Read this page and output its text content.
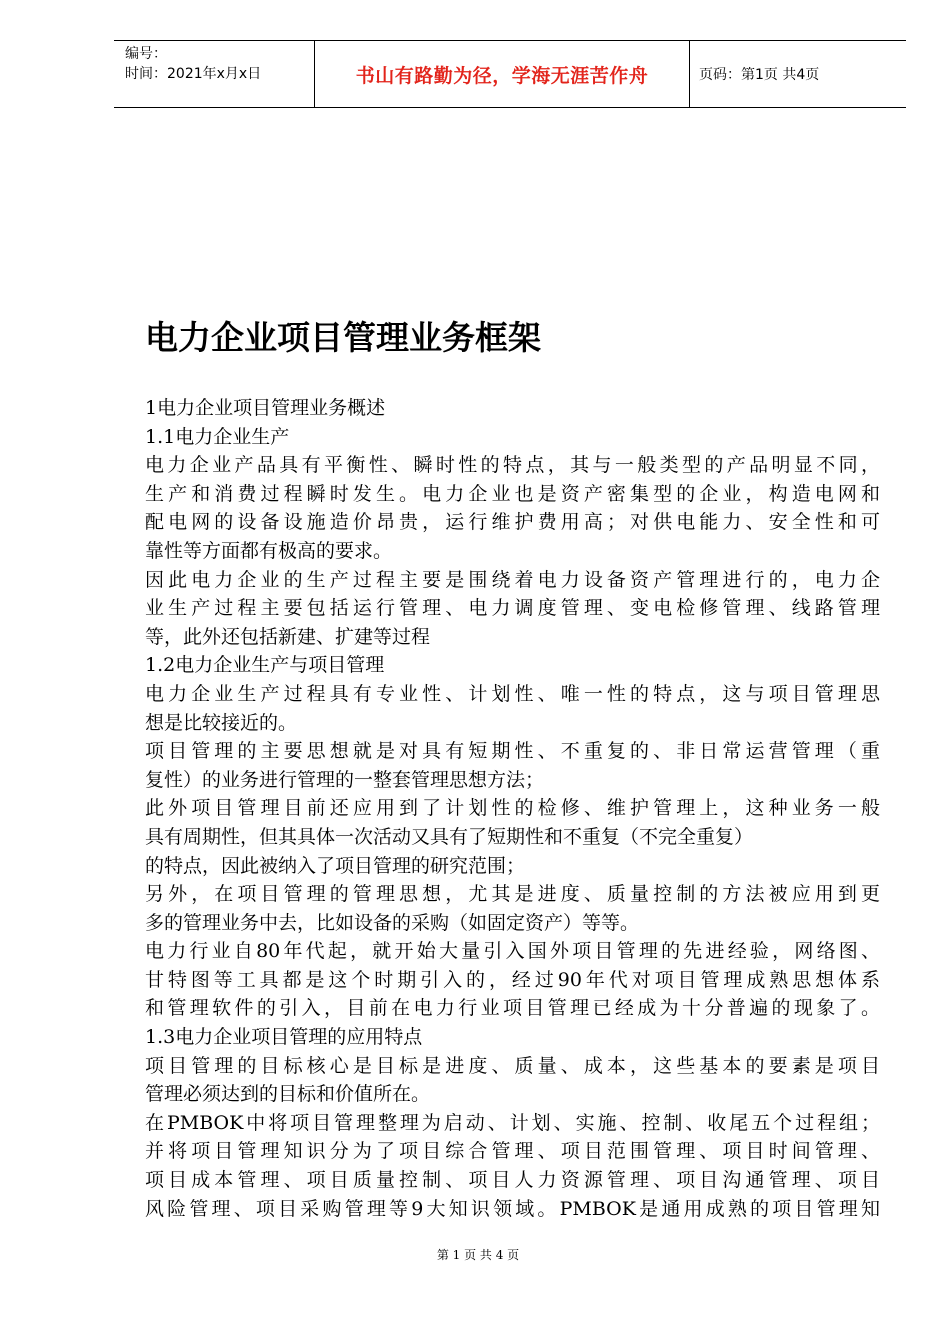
编号：
时间：2021年x月x日	书山有路勤为径，学海无涯苦作舟	页码：第1页 共4页
电力企业项目管理业务框架
1电力企业项目管理业务概述
1.1电力企业生产
电力企业产品具有平衡性、瞬时性的特点，其与一般类型的产品明显不同，
生产和消费过程瞬时发生。电力企业也是资产密集型的企业，构造电网和
配电网的设备设施造价昂贵，运行维护费用高；对供电能力、安全性和可
靠性等方面都有极高的要求。
因此电力企业的生产过程主要是围绕着电力设备资产管理进行的，电力企
业生产过程主要包括运行管理、电力调度管理、变电检修管理、线路管理
等，此外还包括新建、扩建等过程
1.2电力企业生产与项目管理
电力企业生产过程具有专业性、计划性、唯一性的特点，这与项目管理思
想是比较接近的。
项目管理的主要思想就是对具有短期性、不重复的、非日常运营管理（重
复性）的业务进行管理的一整套管理思想方法；
此外项目管理目前还应用到了计划性的检修、维护管理上，这种业务一般
具有周期性，但其具体一次活动又具有了短期性和不重复（不完全重复）
的特点，因此被纳入了项目管理的研究范围；
另外，在项目管理的管理思想，尤其是进度、质量控制的方法被应用到更
多的管理业务中去，比如设备的采购（如固定资产）等等。
电力行业自80年代起，就开始大量引入国外项目管理的先进经验，网络图、
甘特图等工具都是这个时期引入的，经过90年代对项目管理成熟思想体系
和管理软件的引入，目前在电力行业项目管理已经成为十分普遍的现象了。
1.3电力企业项目管理的应用特点
项目管理的目标核心是目标是进度、质量、成本，这些基本的要素是项目
管理必须达到的目标和价值所在。
在PMBOK中将项目管理整理为启动、计划、实施、控制、收尾五个过程组；
并将项目管理知识分为了项目综合管理、项目范围管理、项目时间管理、
项目成本管理、项目质量控制、项目人力资源管理、项目沟通管理、项目
风险管理、项目采购管理等9大知识领域。PMBOK是通用成熟的项目管理知
第 1 页 共 4 页
